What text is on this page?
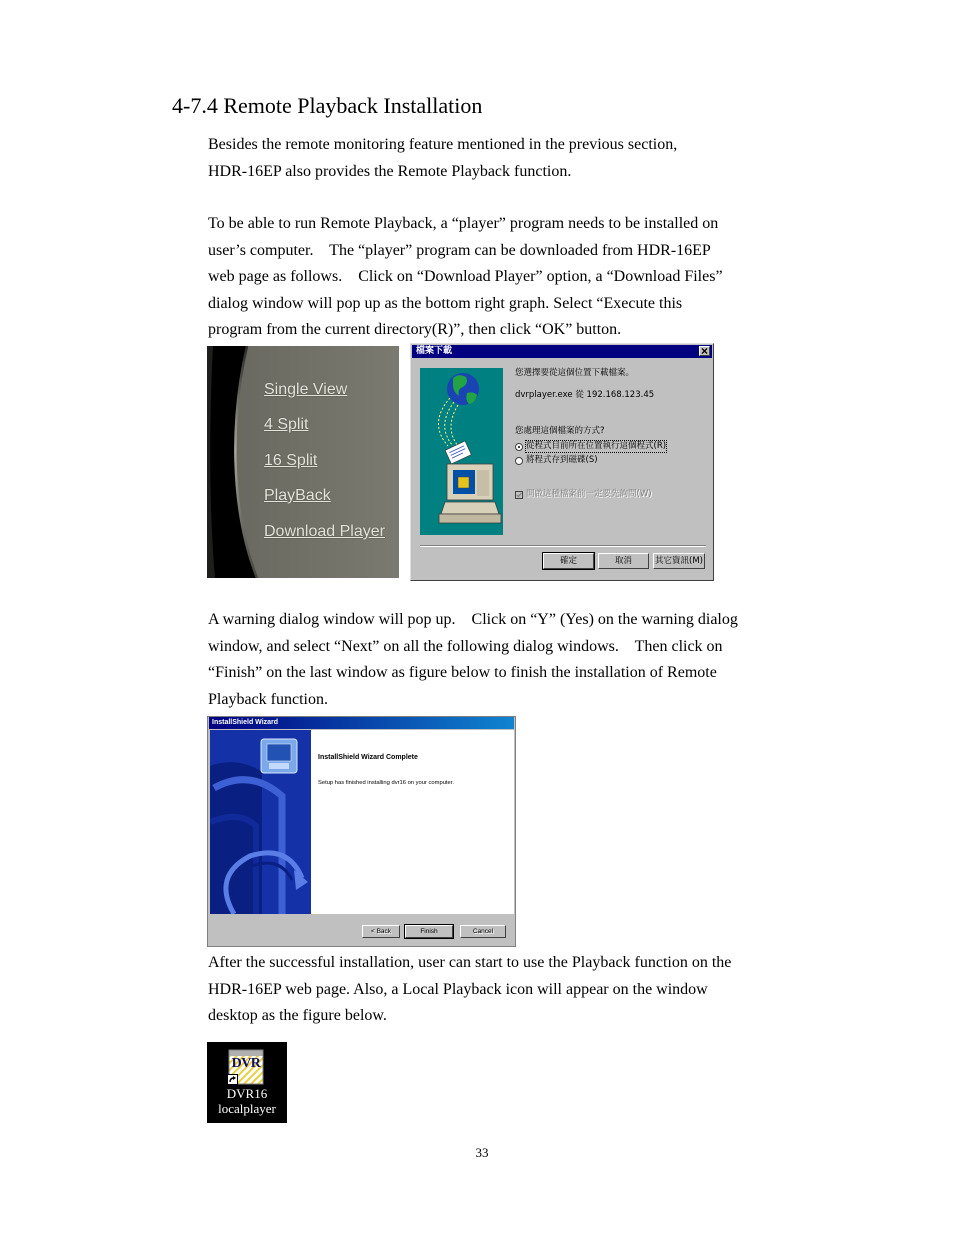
4-7.4 Remote Playback Installation
Besides the remote monitoring feature mentioned in the previous section,
HDR-16EP also provides the Remote Playback function.
To be able to run Remote Playback, a “player” program needs to be installed on
user’s computer.    The “player” program can be downloaded from HDR-16EP
web page as follows.    Click on “Download Player” option, a “Download Files”
dialog window will pop up as the bottom right graph. Select “Execute this
program from the current directory(R)”, then click “OK” button.
Single View
4 Split
16 Split
PlayBack
Download Player
檔案下載
您選擇要從這個位置下載檔案。
dvrplayer.exe 從 192.168.123.45
您處理這個檔案的方式?
從程式目前所在位置執行這個程式(R)
將程式存到磁碟(S)
開啟這種檔案前一定要先詢問(W)
確定	取消	其它資訊(M)
A warning dialog window will pop up.    Click on “Y” (Yes) on the warning dialog
window, and select “Next” on all the following dialog windows.    Then click on
“Finish” on the last window as figure below to finish the installation of Remote
Playback function.
InstallShield Wizard
InstallShield Wizard Complete
Setup has finished installing dvr16 on your computer.
< Back	Finish	Cancel
After the successful installation, user can start to use the Playback function on the
HDR-16EP web page. Also, a Local Playback icon will appear on the window
desktop as the figure below.
DVR
DVR16
localplayer
33
